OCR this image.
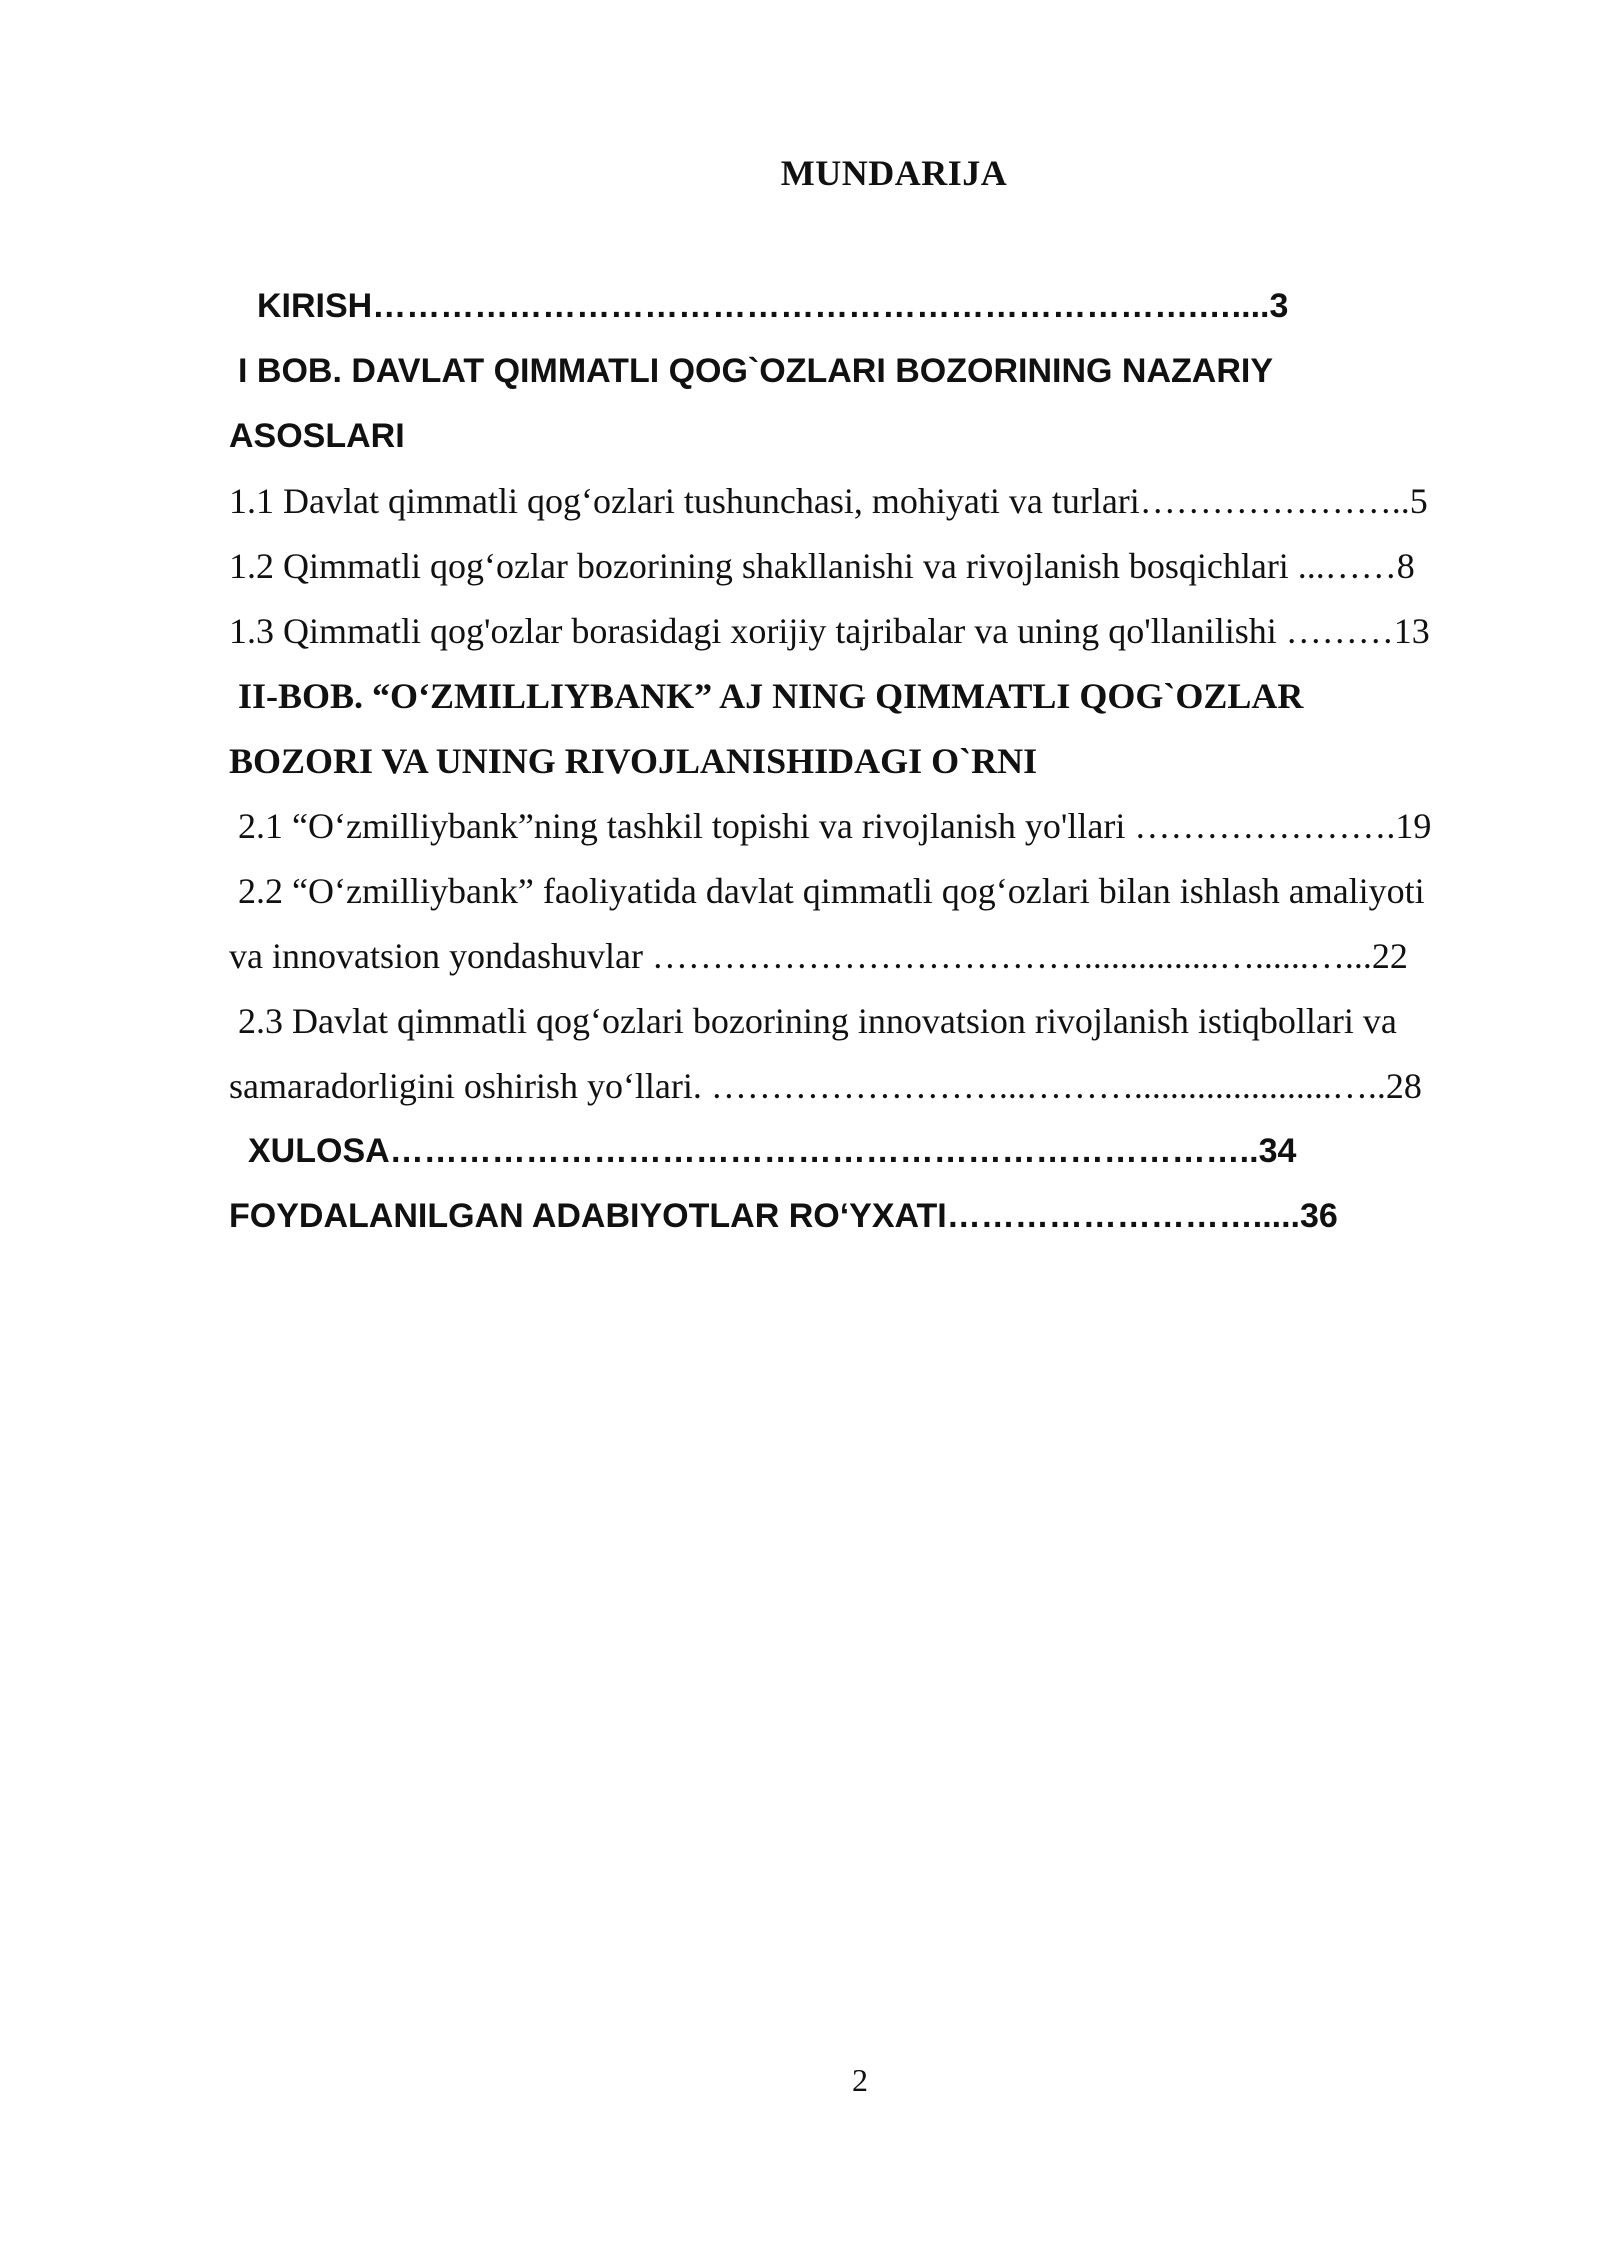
MUNDARIJA
KIRISH……………………………………………………………….…....3
I BOB. DAVLAT QIMMATLI QOG`OZLARI BOZORINING NAZARIY
ASOSLARI
1.1 Davlat qimmatli qog‘ozlari tushunchasi, mohiyati va turlari…………………..5
1.2 Qimmatli qog‘ozlar bozorining shakllanishi va rivojlanish bosqichlari ...……8
1.3 Qimmatli qog'ozlar borasidagi xorijiy tajribalar va uning qo'llanilishi ………13
II-BOB. “O‘ZMILLIYBANK” AJ NING QIMMATLI QOG`OZLAR
BOZORI VA UNING RIVOJLANISHIDAGI O`RNI
2.1 “O‘zmilliybank”ning tashkil topishi va rivojlanish yo'llari ………………….19
2.2 “O‘zmilliybank” faoliyatida davlat qimmatli qog‘ozlari bilan ishlash amaliyoti
va innovatsion yondashuvlar ………………………………...............…......…...22
2.3 Davlat qimmatli qog‘ozlari bozorining innovatsion rivojlanish istiqbollari va
samaradorligini oshirish yo‘llari. ……………………...………......................…..28
XULOSA…………………………………………………………………..34
FOYDALANILGAN ADABIYOTLAR RO‘YXATI……………………….....36
2
